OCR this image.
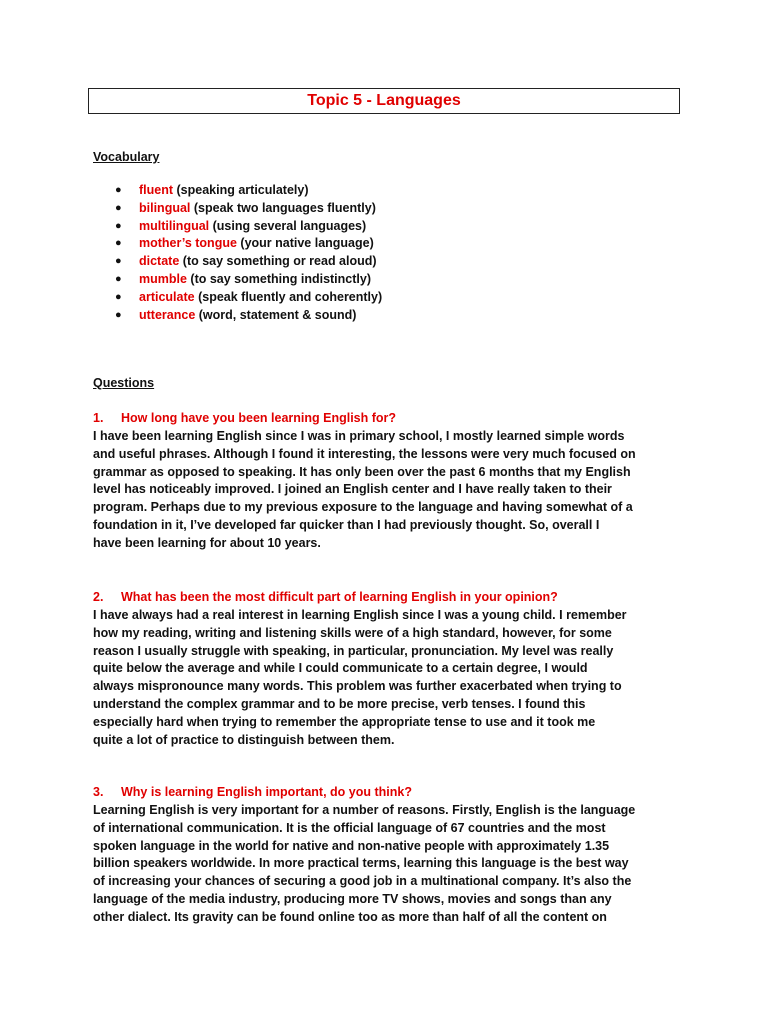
Topic 5 - Languages
Vocabulary
● fluent (speaking articulately)
● bilingual (speak two languages fluently)
● multilingual (using several languages)
● mother’s tongue (your native language)
● dictate (to say something or read aloud)
● mumble (to say something indistinctly)
● articulate (speak fluently and coherently)
● utterance (word, statement & sound)
Questions
1. How long have you been learning English for?

I have been learning English since I was in primary school, I mostly learned simple words
and useful phrases. Although I found it interesting, the lessons were very much focused on
grammar as opposed to speaking. It has only been over the past 6 months that my English
level has noticeably improved. I joined an English center and I have really taken to their
program. Perhaps due to my previous exposure to the language and having somewhat of a
foundation in it, I’ve developed far quicker than I had previously thought. So, overall I
have been learning for about 10 years.

2. What has been the most difficult part of learning English in your opinion?

I have always had a real interest in learning English since I was a young child. I remember
how my reading, writing and listening skills were of a high standard, however, for some
reason I usually struggle with speaking, in particular, pronunciation. My level was really
quite below the average and while I could communicate to a certain degree, I would
always mispronounce many words. This problem was further exacerbated when trying to
understand the complex grammar and to be more precise, verb tenses. I found this
especially hard when trying to remember the appropriate tense to use and it took me
quite a lot of practice to distinguish between them.

3. Why is learning English important, do you think?

Learning English is very important for a number of reasons. Firstly, English is the language
of international communication. It is the official language of 67 countries and the most
spoken language in the world for native and non-native people with approximately 1.35
billion speakers worldwide. In more practical terms, learning this language is the best way
of increasing your chances of securing a good job in a multinational company. It’s also the
language of the media industry, producing more TV shows, movies and songs than any
other dialect. Its gravity can be found online too as more than half of all the content on
